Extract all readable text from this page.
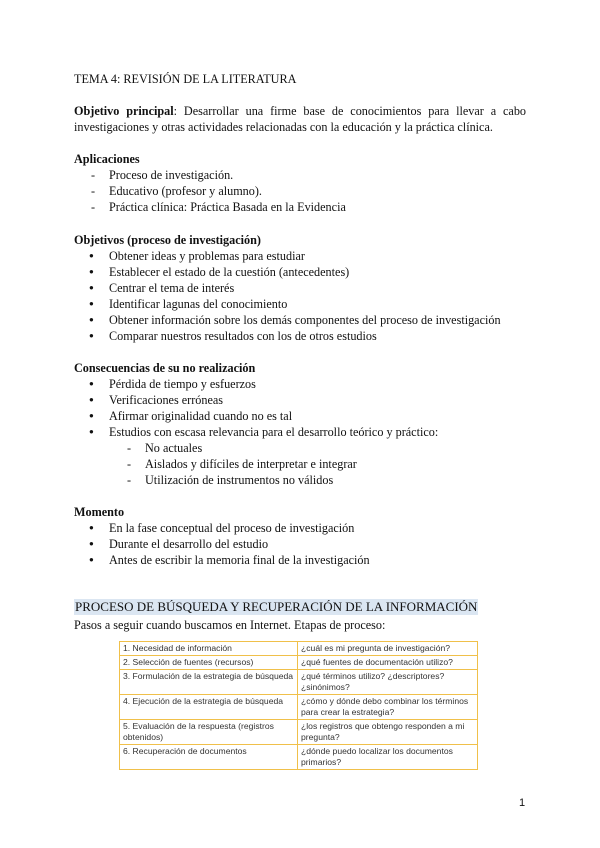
TEMA 4: REVISIÓN DE LA LITERATURA
Objetivo principal: Desarrollar una firme base de conocimientos para llevar a cabo investigaciones y otras actividades relacionadas con la educación y la práctica clínica.
Aplicaciones
- Proceso de investigación.
- Educativo (profesor y alumno).
- Práctica clínica: Práctica Basada en la Evidencia
Objetivos (proceso de investigación)
● Obtener ideas y problemas para estudiar
● Establecer el estado de la cuestión (antecedentes)
● Centrar el tema de interés
● Identificar lagunas del conocimiento
● Obtener información sobre los demás componentes del proceso de investigación
● Comparar nuestros resultados con los de otros estudios
Consecuencias de su no realización
● Pérdida de tiempo y esfuerzos
● Verificaciones erróneas
● Afirmar originalidad cuando no es tal
● Estudios con escasa relevancia para el desarrollo teórico y práctico:
- No actuales
- Aislados y difíciles de interpretar e integrar
- Utilización de instrumentos no válidos
Momento
● En la fase conceptual del proceso de investigación
● Durante el desarrollo del estudio
● Antes de escribir la memoria final de la investigación
PROCESO DE BÚSQUEDA Y RECUPERACIÓN DE LA INFORMACIÓN
Pasos a seguir cuando buscamos en Internet. Etapas de proceso:
1. Necesidad de información	¿cuál es mi pregunta de investigación?
2. Selección de fuentes (recursos)	¿qué fuentes de documentación utilizo?
3. Formulación de la estrategia de búsqueda	¿qué términos utilizo? ¿descriptores?¿sinónimos?
4. Ejecución de la estrategia de búsqueda	¿cómo y dónde debo combinar los términos para crear la estrategia?
5. Evaluación de la respuesta (registros obtenidos)	¿los registros que obtengo responden a mi pregunta?
6. Recuperación de documentos	¿dónde puedo localizar los documentos primarios?
1
